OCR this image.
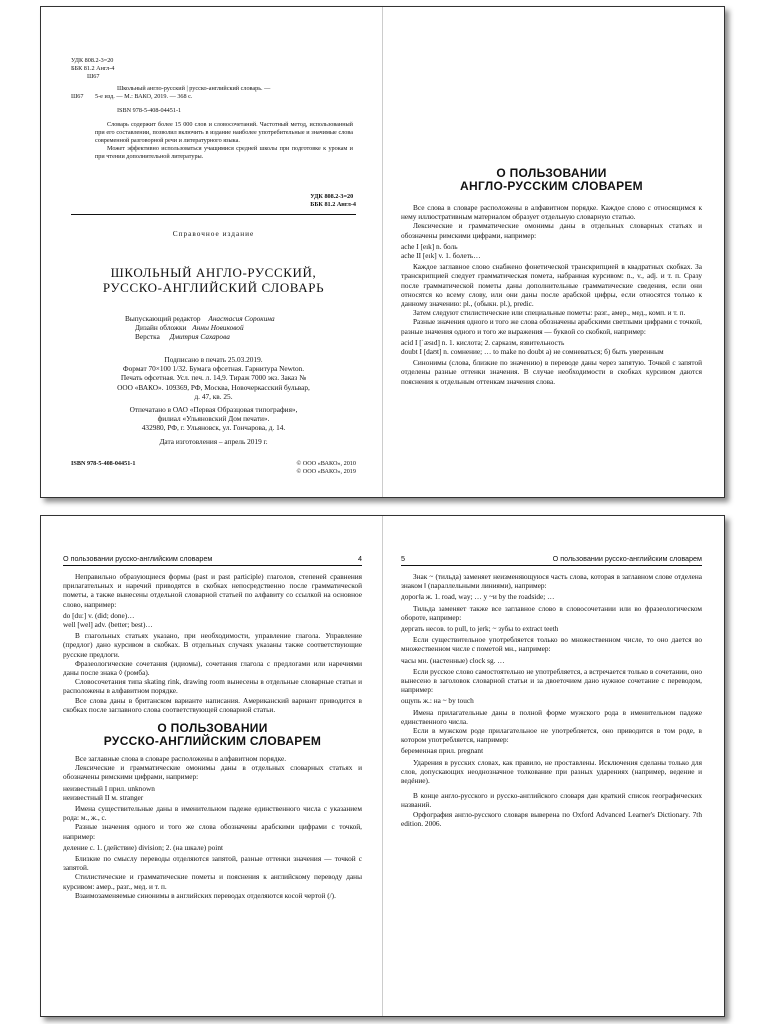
УДК 808.2-3=20
ББК 81.2 Англ-4
Ш67
Ш67

Школьный англо-русский | русско-английский словарь. —

5-е изд. — М.: ВАКО, 2019. — 368 с.

ISBN 978-5-408-04451-1

Словарь содержит более 15 000 слов и словосочетаний. Частотный метод, использованный при его составлении, позволил включить в издание наиболее употребительные и значимые слова современной разговорной речи и литературного языка.

Может эффективно использоваться учащимися средней школы при подготовке к урокам и при чтении дополнительной литературы.

УДК 808.2-3=20
ББК 81.2 Англ-4
Справочное издание
ШКОЛЬНЫЙ АНГЛО-РУССКИЙ,
РУССКО-АНГЛИЙСКИЙ СЛОВАРЬ
Выпускающий редактор Анастасия Сорокина
Дизайн обложки Анны Новиковой
Верстка Дмитрия Сахарова
Подписано в печать 25.03.2019.
Формат 70×100 1/32. Бумага офсетная. Гарнитура Newton.
Печать офсетная. Усл. печ. л. 14,9. Тираж 7000 экз. Заказ №
ООО «ВАКО». 109369, РФ, Москва, Новочеркасский бульвар,
д. 47, кв. 25.
Отпечатано в ОАО «Первая Образцовая типография»,
филиал «Ульяновский Дом печати».
432980, РФ, г. Ульяновск, ул. Гончарова, д. 14.
Дата изготовления – апрель 2019 г.
ISBN 978-5-408-04451-1	© ООО «ВАКО», 2010
© ООО «ВАКО», 2019
О ПОЛЬЗОВАНИИ
АНГЛО-РУССКИМ СЛОВАРЕМ

Все слова в словаре расположены в алфавитном порядке. Каждое слово с относящимся к нему иллюстративным материалом образует отдельную словарную статью.

Лексические и грамматические омонимы даны в отдельных словарных статьях и обозначены римскими цифрами, например:

ache I [eık] n. боль

ache II [eık] v. 1. болеть…

Каждое заглавное слово снабжено фонетической транскрипцией в квадратных скобках. За транскрипцией следует грамматическая помета, набранная курсивом: n., v., adj. и т. п. Сразу после грамматической пометы даны дополнительные грамматические сведения, если они относятся ко всему слову, или они даны после арабской цифры, если относятся только к данному значению: pl., (обыкн. pl.), predic.

Затем следуют стилистические или специальные пометы: разг., амер., мед., комп. и т. п.

Разные значения одного и того же слова обозначены арабскими светлыми цифрами с точкой, разные значения одного и того же выражения — буквой со скобкой, например:

acid I [ˈæsıd] n. 1. кислота; 2. сарказм, язвительность

doubt I [daʊt] n. сомнение; … to make no doubt а) не сомневаться; б) быть уверенным

Синонимы (слова, близкие по значению) в переводе даны через запятую. Точкой с запятой отделены разные оттенки значения. В случае необходимости в скобках курсивом даются пояснения к отдельным оттенкам значения слова.

О пользовании русско-английским словарем	4

Неправильно образующиеся формы (past и past participle) глаголов, степеней сравнения прилагательных и наречий приводятся в скобках непосредственно после грамматической пометы, а также вынесены отдельной словарной статьей по алфавиту со ссылкой на основное слово, например:

do [duː] v. (did; done)…

well [wel] adv. (better; best)…

В глагольных статьях указано, при необходимости, управление глагола. Управление (предлог) дано курсивом в скобках. В отдельных случаях указаны также соответствующие русские предлоги.

Фразеологические сочетания (идиомы), сочетания глагола с предлогами или наречиями даны после знака ◊ (ромба).

Словосочетания типа skating rink, drawing room вынесены в отдельные словарные статьи и расположены в алфавитном порядке.

Все слова даны в британском варианте написания. Американский вариант приводится в скобках после заглавного слова соответствующей словарной статьи.

О ПОЛЬЗОВАНИИ
РУССКО-АНГЛИЙСКИМ СЛОВАРЕМ

Все заглавные слова в словаре расположены в алфавитном порядке.

Лексические и грамматические омонимы даны в отдельных словарных статьях и обозначены римскими цифрами, например:

неизвестный I прил. unknown

неизвестный II м. stranger

Имена существительные даны в именительном падеже единственного числа с указанием рода: м., ж., с.

Разные значения одного и того же слова обозначены арабскими цифрами с точкой, например:

деление с. 1. (действие) division; 2. (на шкале) point

Близкие по смыслу переводы отделяются запятой, разные оттенки значения — точкой с запятой.

Стилистические и грамматические пометы и пояснения к английскому переводу даны курсивом: амер., разг., мед. и т. п.

Взаимозаменяемые синонимы в английских переводах отделяются косой чертой (/).

5	О пользовании русско-английским словарем

Знак ~ (тильда) заменяет неизменяющуюся часть слова, которая в заглавном слове отделена знаком ‖ (параллельными линиями), например:

дорог‖а ж. 1. road, way; … у ~и by the roadside; …

Тильда заменяет также все заглавное слово в словосочетании или во фразеологическом обороте, например:

дергать несов. to pull, to jerk; ~ зубы to extract teeth

Если существительное употребляется только во множественном числе, то оно дается во множественном числе с пометой мн., например:

часы мн. (настенные) clock sg. …

Если русское слово самостоятельно не употребляется, а встречается только в сочетании, оно вынесено в заголовок словарной статьи и за двоеточием дано нужное сочетание с переводом, например:

ощупь ж.: на ~ by touch

Имена прилагательные даны в полной форме мужского рода в именительном падеже единственного числа.

Если в мужском роде прилагательное не употребляется, оно приводится в том роде, в котором употребляется, например:

беременная прил. pregnant

Ударения в русских словах, как правило, не проставлены. Исключения сделаны только для слов, допускающих неоднозначное толкование при разных ударениях (например, ведение и ведéние).

В конце англо-русского и русско-английского словаря дан краткий список географических названий.

Орфография англо-русского словаря выверена по Oxford Advanced Learner's Dictionary. 7th edition. 2006.
